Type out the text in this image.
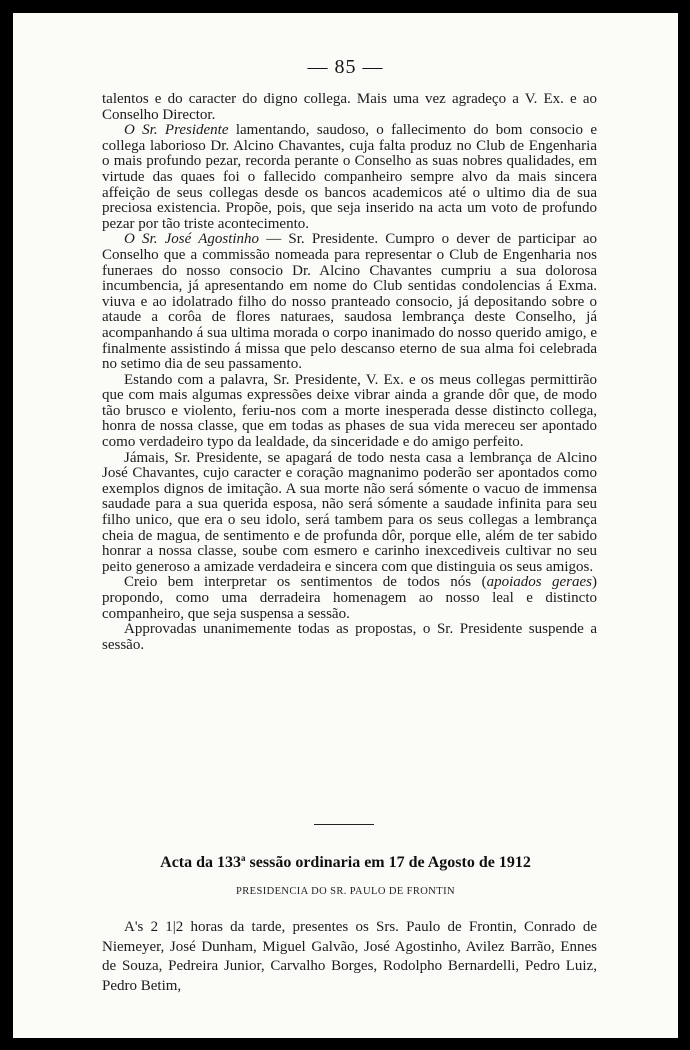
— 85 —

talentos e do caracter do digno collega. Mais uma vez agradeço a V. Ex. e ao Conselho Director.

O Sr. Presidente lamentando, saudoso, o fallecimento do bom consocio e collega laborioso Dr. Alcino Chavantes, cuja falta produz no Club de Engenharia o mais profundo pezar, recorda perante o Conselho as suas nobres qualidades, em virtude das quaes foi o fallecido companheiro sempre alvo da mais sincera affeição de seus collegas desde os bancos academicos até o ultimo dia de sua preciosa existencia. Propõe, pois, que seja inserido na acta um voto de profundo pezar por tão triste acontecimento.

O Sr. José Agostinho — Sr. Presidente. Cumpro o dever de participar ao Conselho que a commissão nomeada para representar o Club de Engenharia nos funeraes do nosso consocio Dr. Alcino Chavantes cumpriu a sua dolorosa incumbencia, já apresentando em nome do Club sentidas condolencias á Exma. viuva e ao idolatrado filho do nosso pranteado consocio, já depositando sobre o ataude a corôa de flores naturaes, saudosa lembrança deste Conselho, já acompanhando á sua ultima morada o corpo inanimado do nosso querido amigo, e finalmente assistindo á missa que pelo descanso eterno de sua alma foi celebrada no setimo dia de seu passamento.

Estando com a palavra, Sr. Presidente, V. Ex. e os meus collegas permittirão que com mais algumas expressões deixe vibrar ainda a grande dôr que, de modo tão brusco e violento, feriu-nos com a morte inesperada desse distincto collega, honra de nossa classe, que em todas as phases de sua vida mereceu ser apontado como verdadeiro typo da lealdade, da sinceridade e do amigo perfeito.

Jámais, Sr. Presidente, se apagará de todo nesta casa a lembrança de Alcino José Chavantes, cujo caracter e coração magnanimo poderão ser apontados como exemplos dignos de imitação. A sua morte não será sómente o vacuo de immensa saudade para a sua querida esposa, não será sómente a saudade infinita para seu filho unico, que era o seu idolo, será tambem para os seus collegas a lembrança cheia de magua, de sentimento e de profunda dôr, porque elle, além de ter sabido honrar a nossa classe, soube com esmero e carinho inexcediveis cultivar no seu peito generoso a amizade verdadeira e sincera com que distinguia os seus amigos.

Creio bem interpretar os sentimentos de todos nós (apoiados geraes) propondo, como uma derradeira homenagem ao nosso leal e distincto companheiro, que seja suspensa a sessão.

Approvadas unanimemente todas as propostas, o Sr. Presidente suspende a sessão.

Acta da 133$^a$ sessão ordinaria em 17 de Agosto de 1912
PRESIDENCIA DO SR. PAULO DE FRONTIN

A's 2 1|2 horas da tarde, presentes os Srs. Paulo de Frontin, Conrado de Niemeyer, José Dunham, Miguel Galvão, José Agostinho, Avilez Barrão, Ennes de Souza, Pedreira Junior, Carvalho Borges, Rodolpho Bernardelli, Pedro Luiz, Pedro Betim,
